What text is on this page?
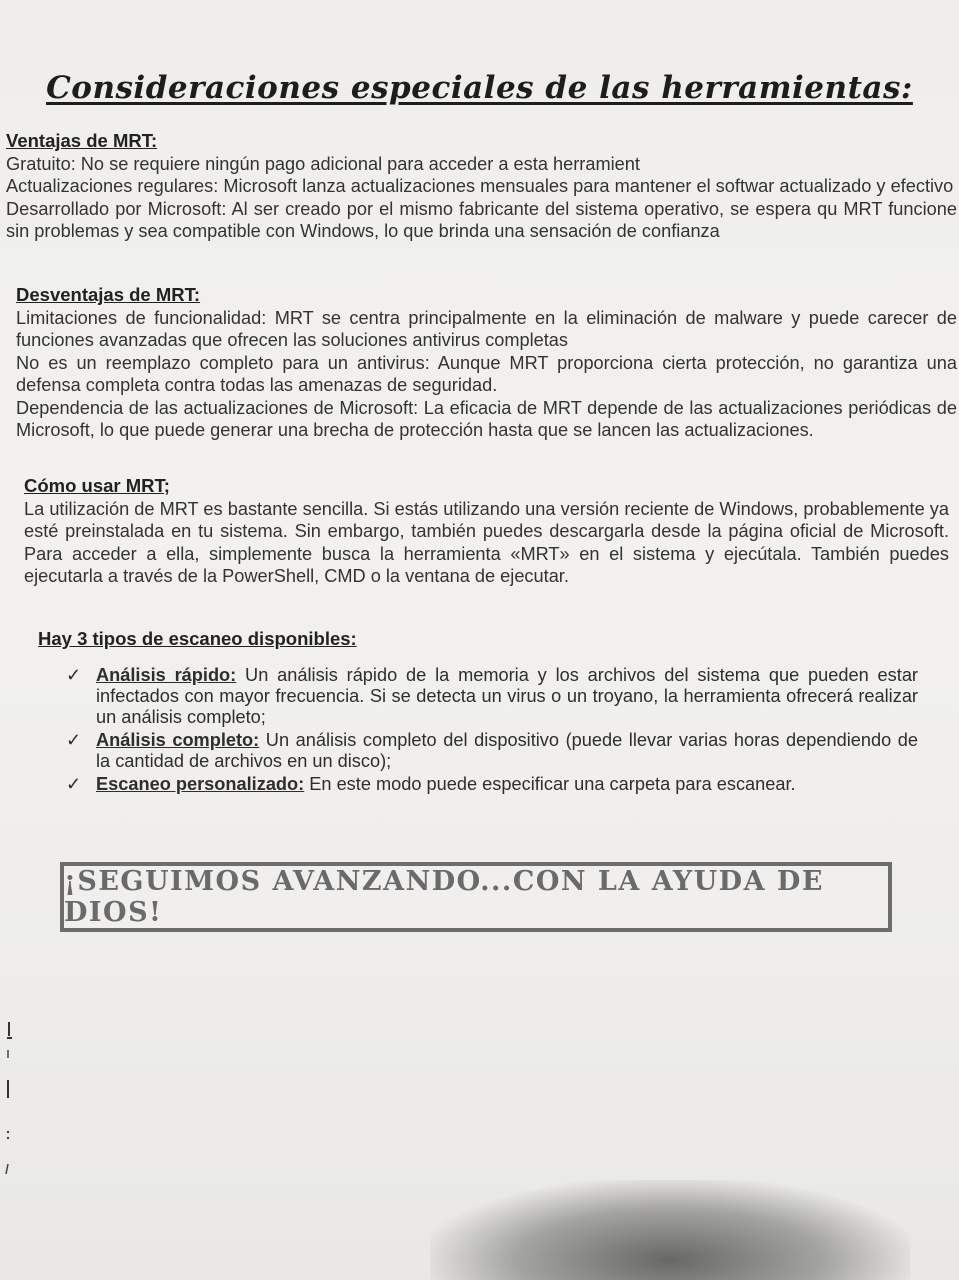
Consideraciones especiales de las herramientas:
Ventajas de MRT:

Gratuito: No se requiere ningún pago adicional para acceder a esta herramient

Actualizaciones regulares: Microsoft lanza actualizaciones mensuales para mantener el softwar actualizado y efectivo

Desarrollado por Microsoft: Al ser creado por el mismo fabricante del sistema operativo, se espera qu MRT funcione sin problemas y sea compatible con Windows, lo que brinda una sensación de confianza

Desventajas de MRT:

Limitaciones de funcionalidad: MRT se centra principalmente en la eliminación de malware y puede carecer de funciones avanzadas que ofrecen las soluciones antivirus completas

No es un reemplazo completo para un antivirus: Aunque MRT proporciona cierta protección, no garantiza una defensa completa contra todas las amenazas de seguridad.

Dependencia de las actualizaciones de Microsoft: La eficacia de MRT depende de las actualizaciones periódicas de Microsoft, lo que puede generar una brecha de protección hasta que se lancen las actualizaciones.

Cómo usar MRT;

La utilización de MRT es bastante sencilla. Si estás utilizando una versión reciente de Windows, probablemente ya esté preinstalada en tu sistema. Sin embargo, también puedes descargarla desde la página oficial de Microsoft. Para acceder a ella, simplemente busca la herramienta «MRT» en el sistema y ejecútala. También puedes ejecutarla a través de la PowerShell, CMD o la ventana de ejecutar.

Hay 3 tipos de escaneo disponibles:
✓ Análisis rápido: Un análisis rápido de la memoria y los archivos del sistema que pueden estar infectados con mayor frecuencia. Si se detecta un virus o un troyano, la herramienta ofrecerá realizar un análisis completo;
✓ Análisis completo: Un análisis completo del dispositivo (puede llevar varias horas dependiendo de la cantidad de archivos en un disco);
✓ Escaneo personalizado: En este modo puede especificar una carpeta para escanear.
¡SEGUIMOS AVANZANDO...CON LA AYUDA DE DIOS!
